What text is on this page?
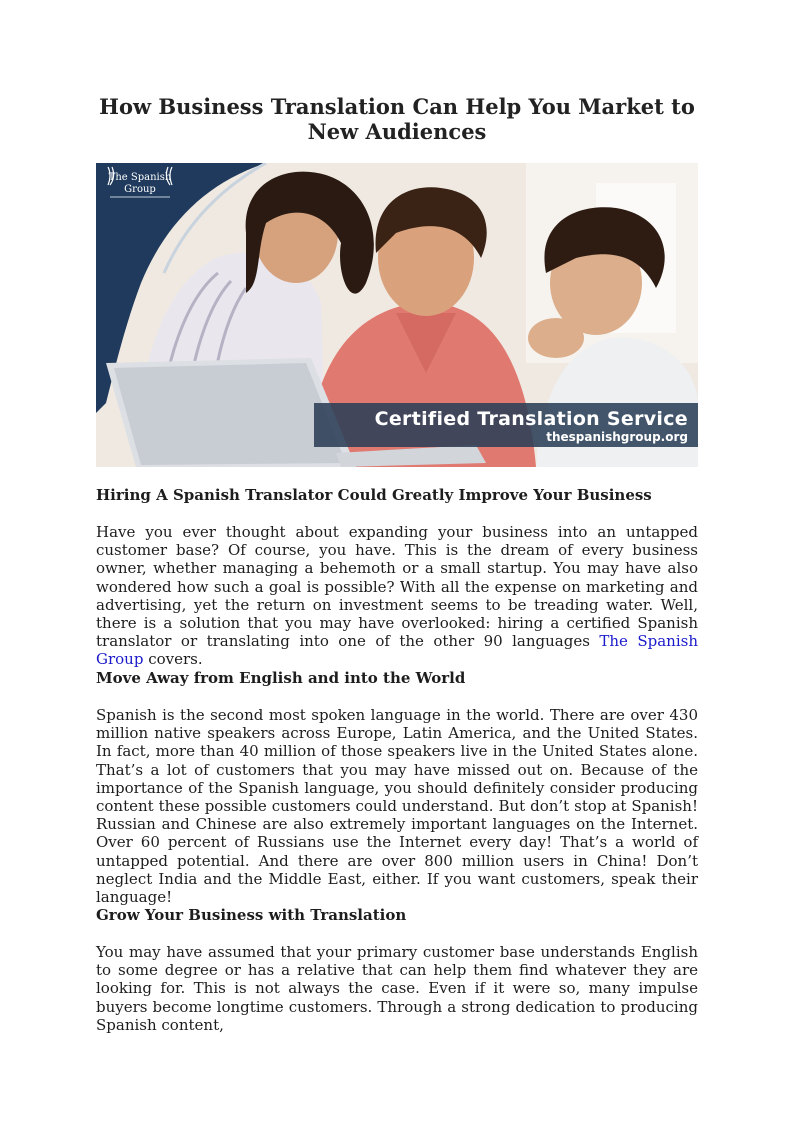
How Business Translation Can Help You Market to
New Audiences
The Spanish
Group
Certified Translation Service
thespanishgroup.org
Hiring A Spanish Translator Could Greatly Improve Your Business

Have you ever thought about expanding your business into an untapped customer base? Of course, you have. This is the dream of every business owner, whether managing a behemoth or a small startup. You may have also wondered how such a goal is possible? With all the expense on marketing and advertising, yet the return on investment seems to be treading water. Well, there is a solution that you may have overlooked: hiring a certified Spanish translator or translating into one of the other 90 languages The Spanish Group covers.

Move Away from English and into the World

Spanish is the second most spoken language in the world. There are over 430 million native speakers across Europe, Latin America, and the United States. In fact, more than 40 million of those speakers live in the United States alone. That’s a lot of customers that you may have missed out on. Because of the importance of the Spanish language, you should definitely consider producing content these possible customers could understand. But don’t stop at Spanish! Russian and Chinese are also extremely important languages on the Internet. Over 60 percent of Russians use the Internet every day! That’s a world of untapped potential. And there are over 800 million users in China! Don’t neglect India and the Middle East, either. If you want customers, speak their language!

Grow Your Business with Translation

You may have assumed that your primary customer base understands English to some degree or has a relative that can help them find whatever they are looking for. This is not always the case. Even if it were so, many impulse buyers become longtime customers. Through a strong dedication to producing Spanish content,
